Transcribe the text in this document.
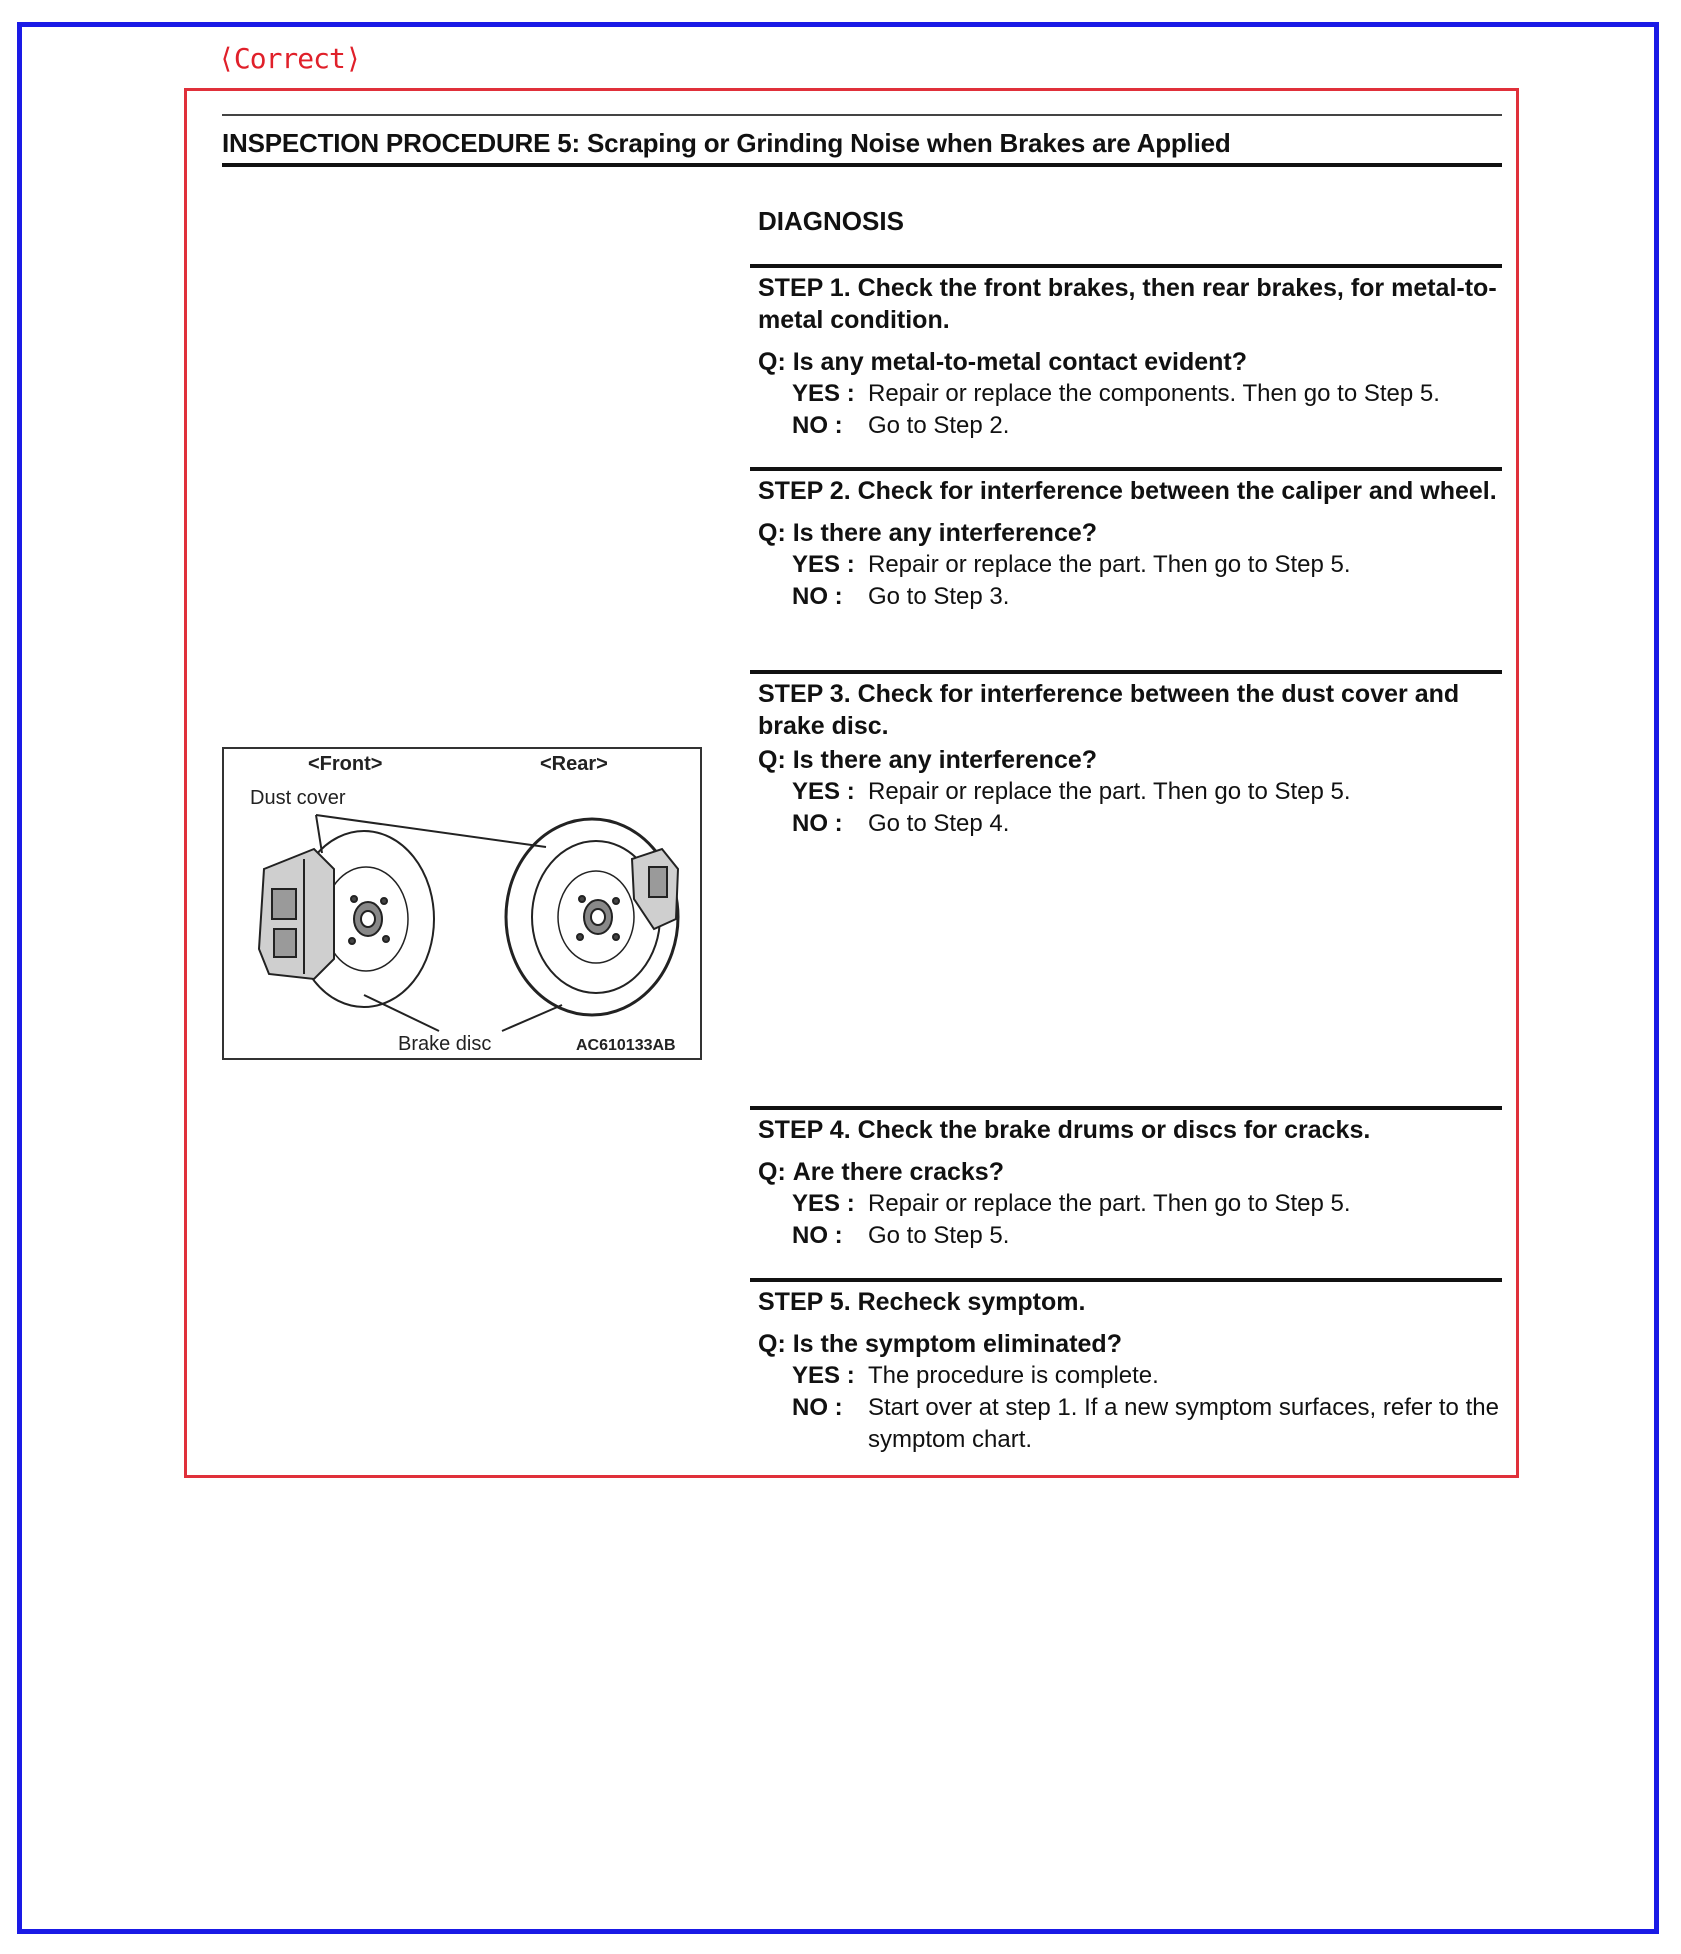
⟨Correct⟩
INSPECTION PROCEDURE 5: Scraping or Grinding Noise when Brakes are Applied
DIAGNOSIS
STEP 1. Check the front brakes, then rear brakes, for metal-to-metal condition.
Q: Is any metal-to-metal contact evident?
YES : Repair or replace the components. Then go to Step 5.
NO :	Go to Step 2.
STEP 2. Check for interference between the caliper and wheel.
Q: Is there any interference?
YES : Repair or replace the part. Then go to Step 5.
NO :	Go to Step 3.
STEP 3. Check for interference between the dust cover and brake disc.
Q: Is there any interference?
YES : Repair or replace the part. Then go to Step 5.
NO :	Go to Step 4.
STEP 4. Check the brake drums or discs for cracks.
Q: Are there cracks?
YES : Repair or replace the part. Then go to Step 5.
NO :	Go to Step 5.
STEP 5. Recheck symptom.
Q: Is the symptom eliminated?
YES : The procedure is complete.
NO :	Start over at step 1. If a new symptom surfaces, refer to the symptom chart.
<Front>	<Rear>
Dust cover
Brake disc	AC610133AB
